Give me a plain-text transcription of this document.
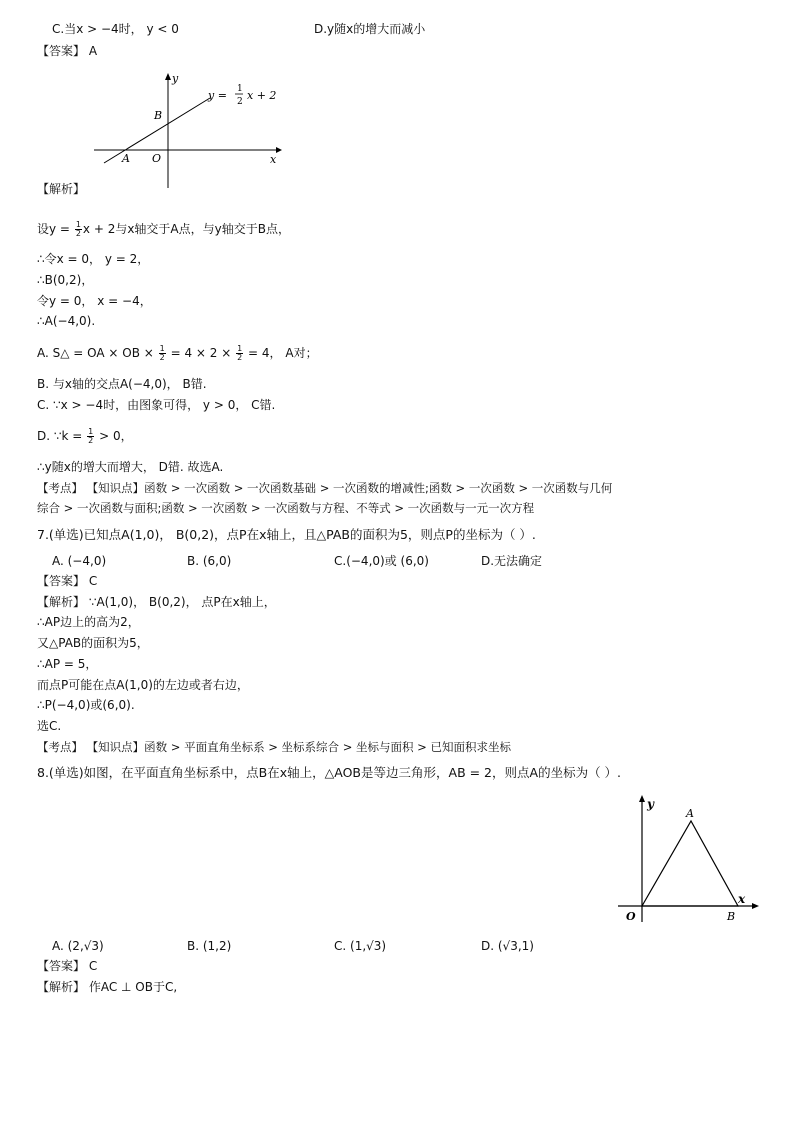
C.当x > −4时， y < 0	D.y随x的增大而减小
【答案】 A
y
x
A
B
O
y = 1
2 x + 2
【解析】
设$y = \frac{1}{2}$ x + 2与x轴交于A点，与y轴交于B点，
∴令x = 0， y = 2，
∴B(0,2)，
令y = 0， x = −4，
∴A(−4,0).
A. S△ = OA × OB × $\frac{1}{2} = 4 \times 2 \times \frac{1}{2} = 4$， A对；
B. 与x轴的交点A(−4,0)， B错.
C. ∵x > −4时，由图象可得， y > 0， C错.
D. ∵k = $\frac{1}{2} > 0$，
∴y随x的增大而增大， D错. 故选A.
【考点】 【知识点】函数 > 一次函数 > 一次函数基础 > 一次函数的增减性;函数 > 一次函数 > 一次函数与几何
综合 > 一次函数与面积;函数 > 一次函数 > 一次函数与方程、不等式 > 一次函数与一元一次方程
7.(单选)已知点A(1,0)， B(0,2)，点P在x轴上，且△PAB的面积为5，则点P的坐标为（ ）.
A. (−4,0)	B. (6,0)	C.(−4,0)或 (6,0)	D.无法确定
【答案】 C
【解析】 ∵A(1,0)， B(0,2)， 点P在x轴上，
∴AP边上的高为2，
又△PAB的面积为5，
∴AP = 5，
而点P可能在点A(1,0)的左边或者右边，
∴P(−4,0)或(6,0).
选C.
【考点】 【知识点】函数 > 平面直角坐标系 > 坐标系综合 > 坐标与面积 > 已知面积求坐标
8.(单选)如图，在平面直角坐标系中，点B在x轴上，△AOB是等边三角形，AB = 2，则点A的坐标为（ ）.
y
x
A
B
O
A. (2,√3)	B. (1,2)	C. (1,√3)	D. (√3,1)
【答案】 C
【解析】 作AC ⊥ OB于C,
